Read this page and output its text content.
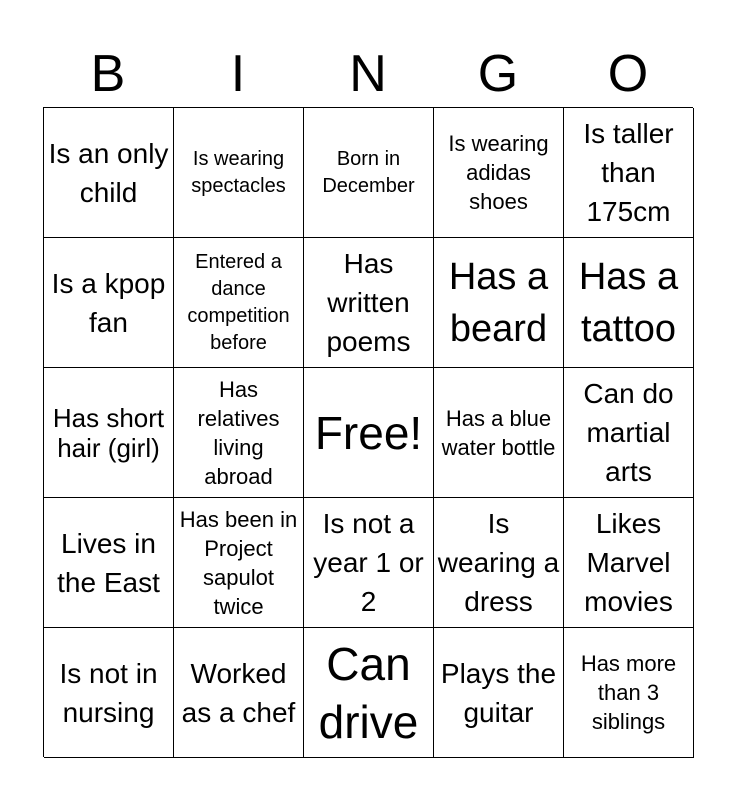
B	I	N	G	O
Is an only child
Is wearing spectacles
Born in December
Is wearing adidas shoes
Is taller than 175cm
Is a kpop fan
Entered a dance competition before
Has written poems
Has a beard
Has a tattoo
Has short hair (girl)
Has relatives living abroad
Free!	Has a blue water bottle
Can do martial arts
Lives in the East
Has been in Project sapulot twice
Is not a year 1 or 2
Is wearing a dress
Likes Marvel movies
Is not in nursing
Worked as a chef
Can drive
Plays the guitar
Has more than 3 siblings
